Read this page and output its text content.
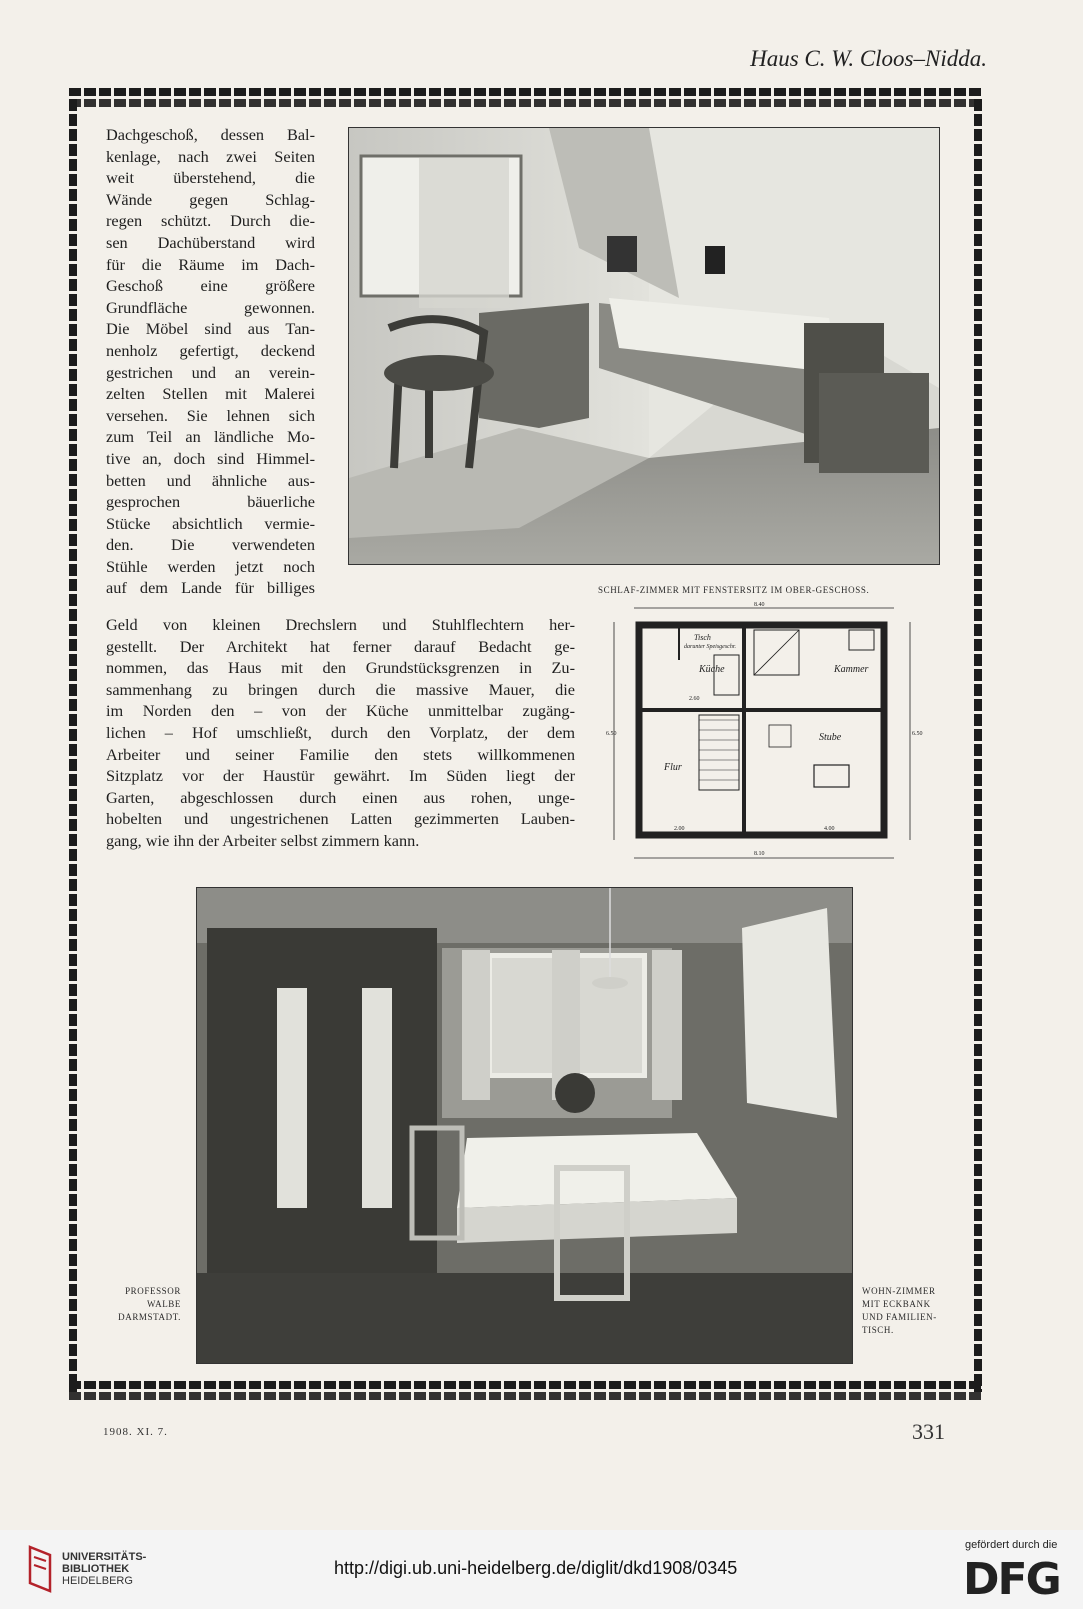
Haus C. W. Cloos–Nidda.
SCHLAF-ZIMMER MIT FENSTERSITZ IM OBER-GESCHOSS.
Dachgeschoß, dessen Bal-
kenlage, nach zwei Seiten
weit überstehend, die
Wände gegen Schlag-
regen schützt. Durch die-
sen Dachüberstand wird
für die Räume im Dach-
Geschoß eine größere
Grundfläche gewonnen.
Die Möbel sind aus Tan-
nenholz gefertigt, deckend
gestrichen und an verein-
zelten Stellen mit Malerei
versehen. Sie lehnen sich
zum Teil an ländliche Mo-
tive an, doch sind Himmel-
betten und ähnliche aus-
gesprochen bäuerliche
Stücke absichtlich vermie-
den. Die verwendeten
Stühle werden jetzt noch
auf dem Lande für billiges
Geld von kleinen Drechslern und Stuhlflechtern her-
gestellt. Der Architekt hat ferner darauf Bedacht ge-
nommen, das Haus mit den Grundstücksgrenzen in Zu-
sammenhang zu bringen durch die massive Mauer, die
im Norden den – von der Küche unmittelbar zugäng-
lichen – Hof umschließt, durch den Vorplatz, der dem
Arbeiter und seiner Familie den stets willkommenen
Sitzplatz vor der Haustür gewährt. Im Süden liegt der
Garten, abgeschlossen durch einen aus rohen, unge-
hobelten und ungestrichenen Latten gezimmerten Lauben-
gang, wie ihn der Arbeiter selbst zimmern kann.
Küche	Kammer
Flur
Stube
Tisch
darunter Speisgeschr.
8.40
6.50	6.50
8.10
2.60
2.00	4.00
PROFESSOR
WALBE
DARMSTADT.
WOHN-ZIMMER
MIT ECKBANK
UND FAMILIEN-
TISCH.
1908. XI. 7.	331
UNIVERSITÄTS-
BIBLIOTHEK
HEIDELBERG
http://digi.ub.uni-heidelberg.de/diglit/dkd1908/0345
gefördert durch die
DFG
